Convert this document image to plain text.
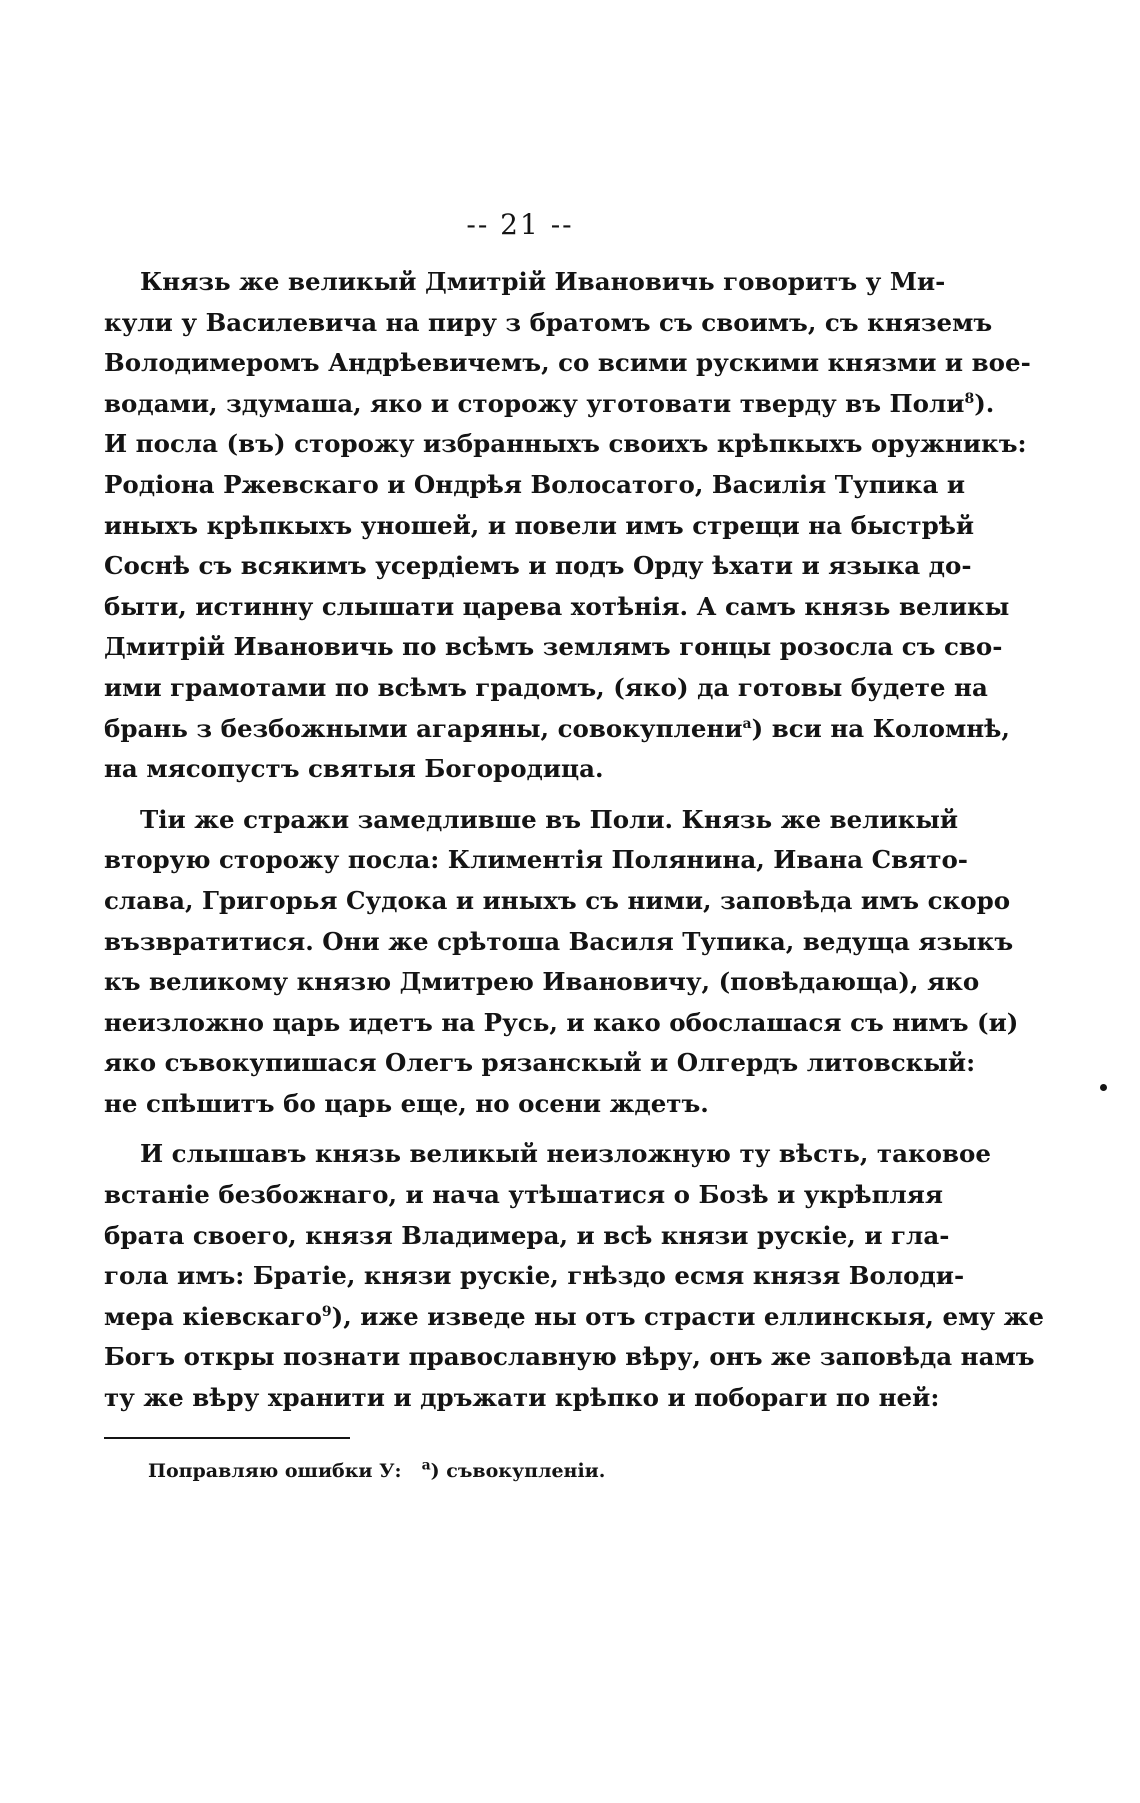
-- 21 --
Князь же великый Дмитрій Ивановичь говоритъ у Ми-
кули у Василевича на пиру з братомъ съ своимъ, съ княземъ
Володимеромъ Андрѣевичемъ, со всими рускими князми и вое-
водами, здумаша, яко и сторожу уготовати тверду въ Поли$^8$).
И посла (въ) сторожу избранныхъ своихъ крѣпкыхъ оружникъ:
Родіона Ржевскаго и Ондрѣя Волосатого, Василія Тупика и
иныхъ крѣпкыхъ уношей, и повели имъ стрещи на быстрѣй
Соснѣ съ всякимъ усердіемъ и подъ Орду ѣхати и языка до-
быти, истинну слышати царева хотѣнія. А самъ князь великы
Дмитрій Ивановичь по всѣмъ землямъ гонцы розосла съ сво-
ими грамотами по всѣмъ градомъ, (яко) да готовы будете на
брань з безбожными агаряны, совокуплени$^a$) вси на Коломнѣ,
на мясопустъ святыя Богородица.
Тіи же стражи замедливше въ Поли. Князь же великый
вторую сторожу посла: Климентія Полянина, Ивана Свято-
слава, Григорья Судока и иныхъ съ ними, заповѣда имъ скоро
възвратитися. Они же срѣтоша Василя Тупика, ведуща языкъ
къ великому князю Дмитрею Ивановичу, (повѣдающа), яко
неизложно царь идетъ на Русь, и како обослашася съ нимъ (и)
яко съвокупишася Олегъ рязанскый и Олгердъ литовскый:
не спѣшитъ бо царь еще, но осени ждетъ.
И слышавъ князь великый неизложную ту вѣсть, таковое
встаніе безбожнаго, и нача утѣшатися о Бозѣ и укрѣпляя
брата своего, князя Владимера, и всѣ князи рускіе, и гла-
гола имъ: Братіе, князи рускіе, гнѣздо есмя князя Володи-
мера кіевскаго$^9$), иже изведе ны отъ страсти еллинскыя, ему же
Богъ откры познати православную вѣру, онъ же заповѣда намъ
ту же вѣру хранити и дръжати крѣпко и побораги по ней:
Поправляю ошибки У: $^a$) съвокупленіи.
